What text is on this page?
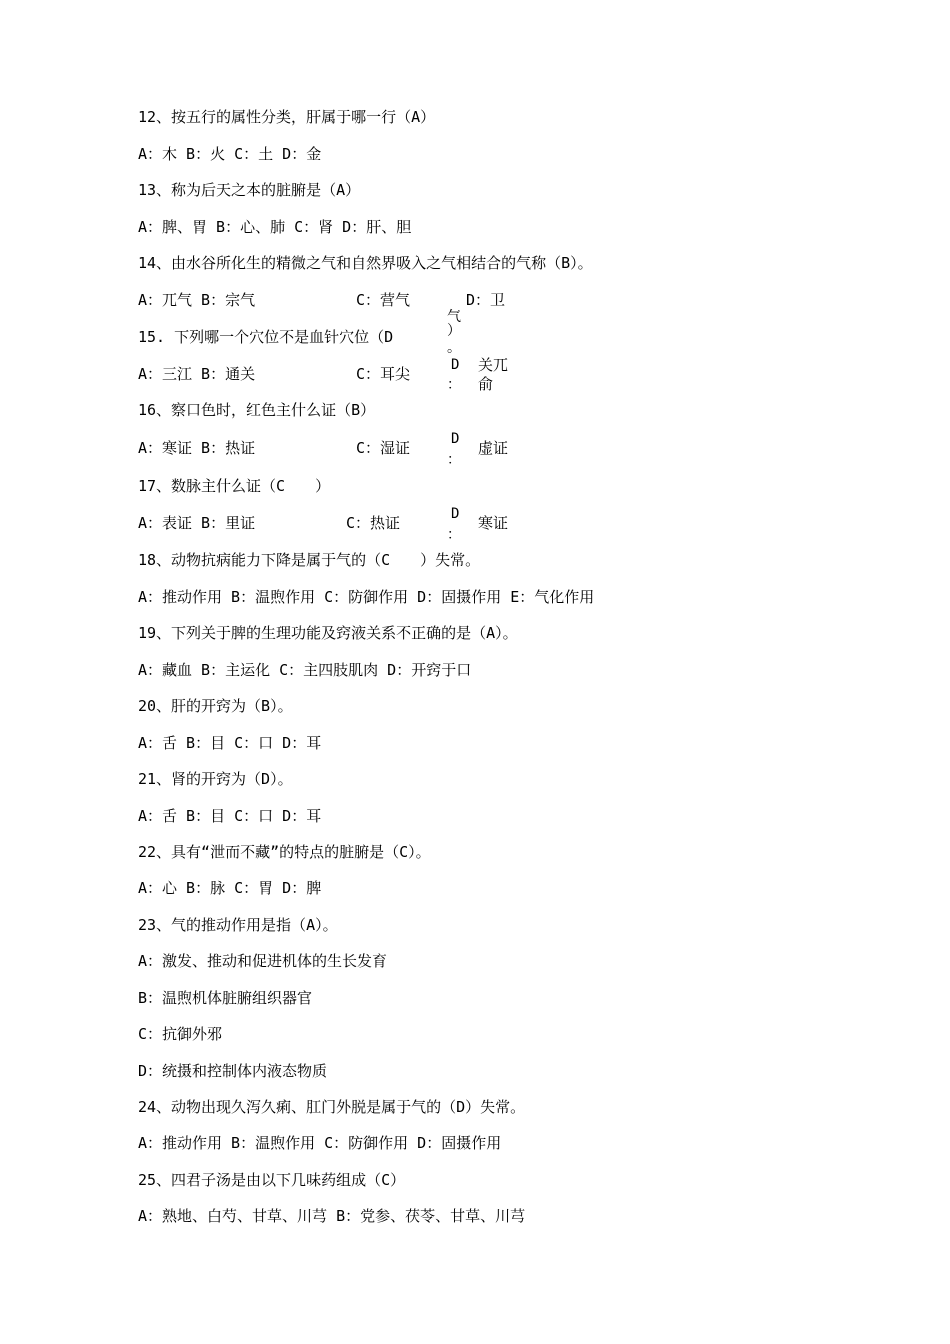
12、按五行的属性分类，肝属于哪一行（A）
A：木 B：火 C：土 D：金
13、称为后天之本的脏腑是（A）
A：脾、胃 B：心、肺 C：肾 D：肝、胆
14、由水谷所化生的精微之气和自然界吸入之气相结合的气称（B）。
A：兀气 B：宗气
15. 下列哪一个穴位不是血针穴位（D
A：三江 B：通关
16、察口色时，红色主什么证（B）
A：寒证 B：热证
17、数脉主什么证（C　　）
A：表证 B：里证
18、动物抗病能力下降是属于气的（C　　）失常。
A：推动作用 B：温煦作用 C：防御作用 D：固摄作用 E：气化作用
19、下列关于脾的生理功能及窍液关系不正确的是（A）。
A：藏血 B：主运化 C：主四肢肌肉 D：开窍于口
20、肝的开窍为（B）。
A：舌 B：目 C：口 D：耳
21、肾的开窍为（D）。
A：舌 B：目 C：口 D：耳
22、具有“泄而不藏”的特点的脏腑是（C）。
A：心 B：脉 C：胃 D：脾
23、气的推动作用是指（A）。
A：激发、推动和促进机体的生长发育
B：温煦机体脏腑组织器官
C：抗御外邪
D：统摄和控制体内液态物质
24、动物出现久泻久痢、肛门外脱是属于气的（D）失常。
A：推动作用 B：温煦作用 C：防御作用 D：固摄作用
25、四君子汤是由以下几味药组成（C）
A：熟地、白芍、甘草、川芎 B：党参、茯苓、甘草、川芎
C：营气	D：卫
气
）
。
C：耳尖	D
：
关兀
俞
C：湿证	D
：
虚证
C：热证	D
：
寒证
